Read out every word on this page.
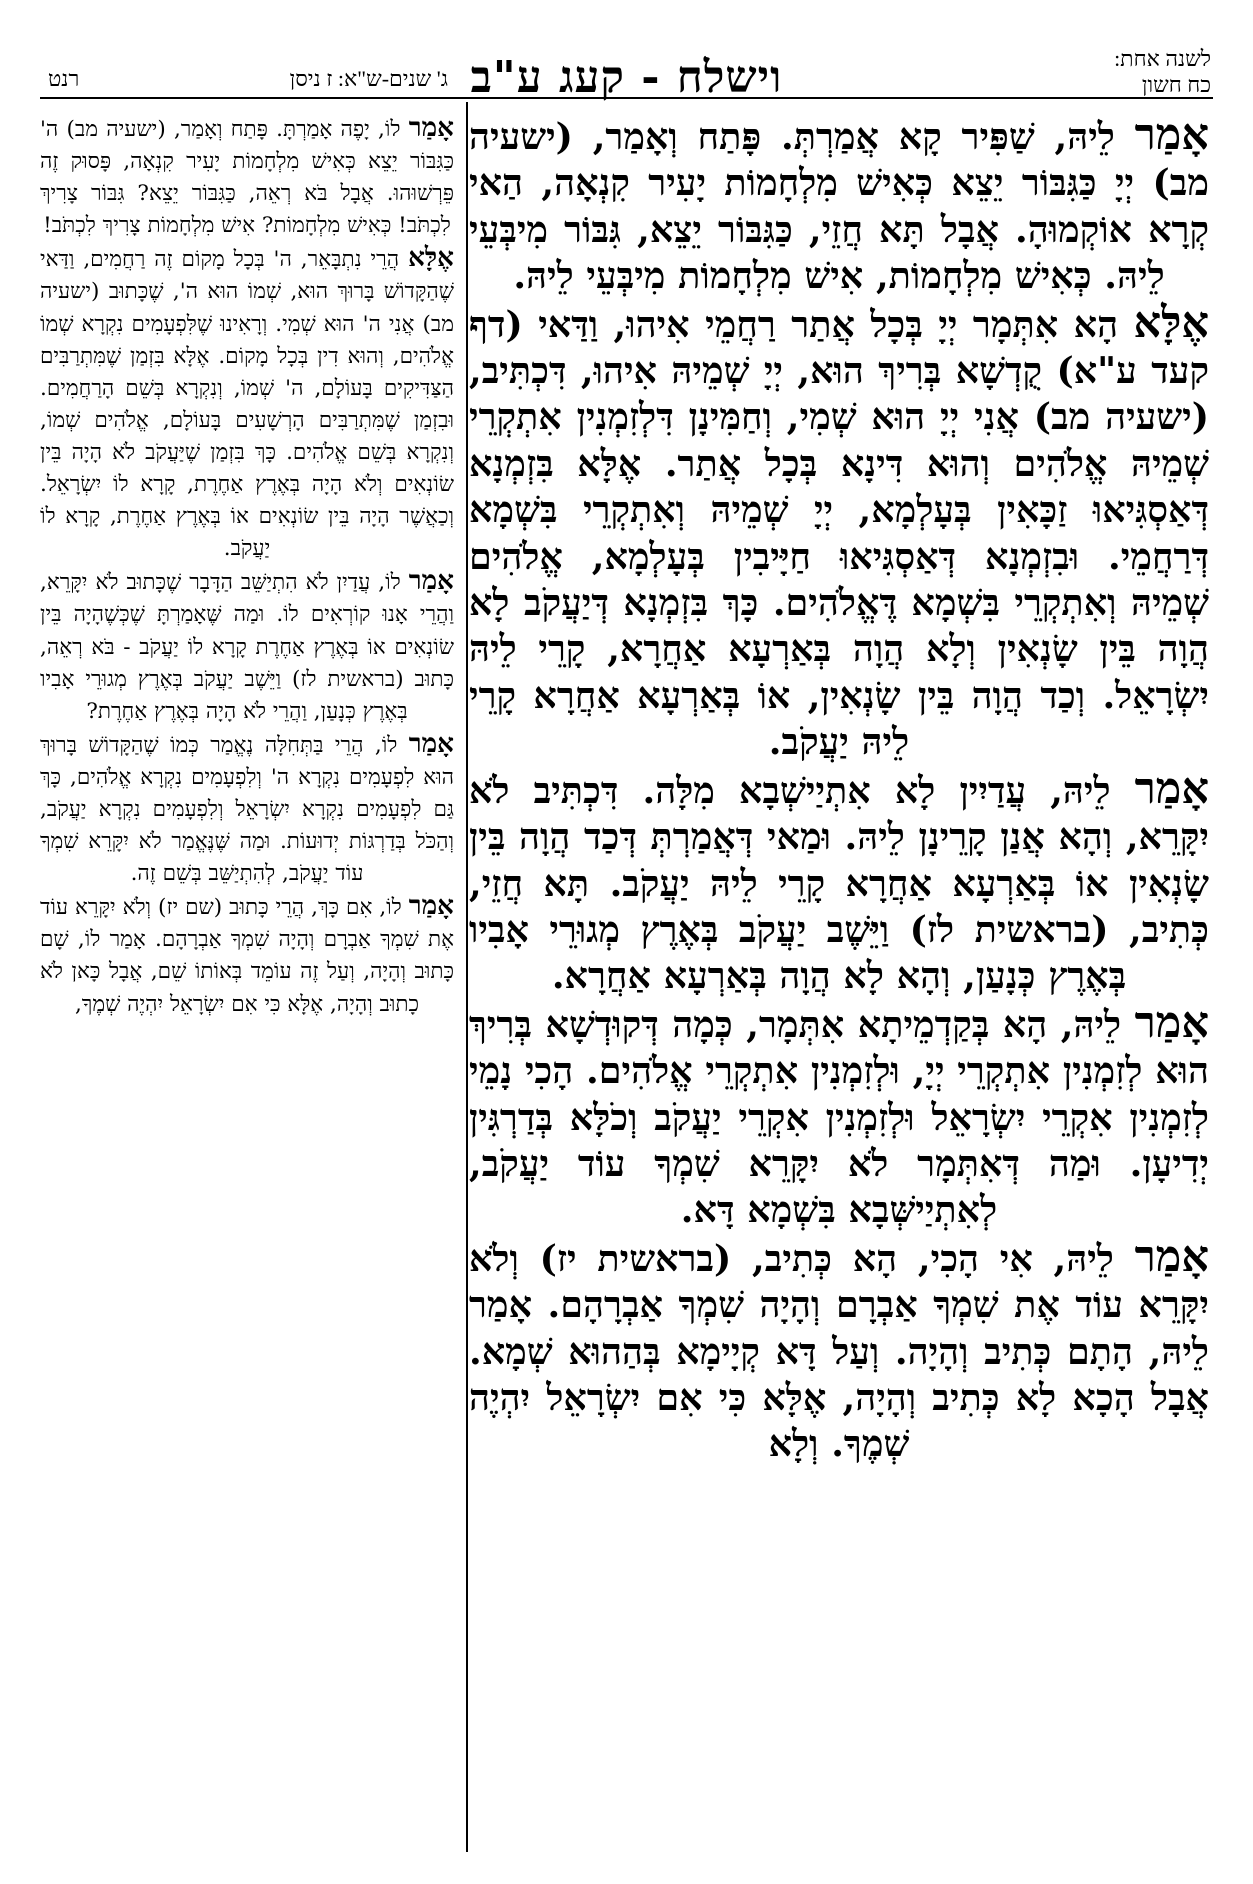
לשנה אחת:
כח חשון
וישלח - קעג ע"ב
ג' שנים-ש"א: ז ניסן
רנט

אָמַר לֵיהּ, שַׁפִּיר קָא אֲמַרְתְּ. פָּתַח וְאָמַר, (ישעיה מב) יְיָ כַּגִּבּוֹר יֵצֵא כְּאִישׁ מִלְחָמוֹת יָעִיר קִנְאָה, הַאי קְרָא אוֹקְמוּהָ. אֲבָל תָּא חֲזֵי, כַּגִּבּוֹר יֵצֵא, גִּבּוֹר מִיבְּעֵי לֵיהּ. כְּאִישׁ מִלְחָמוֹת, אִישׁ מִלְחָמוֹת מִיבְּעֵי לֵיהּ.

אֶלָּא הָא אִתְּמָר יְיָ בְּכָל אֲתַר רַחֲמֵי אִיהוּ, וַדַּאי (דף קעד ע"א) קֻדְשָׁא בְּרִיךְ הוּא, יְיָ שְׁמֵיהּ אִיהוּ, דִּכְתִּיב, (ישעיה מב) אֲנִי יְיָ הוּא שְׁמִי, וְחַמִּינָן דִּלְזִמְנִין אִתְקְרֵי שְׁמֵיהּ אֱלֹהִים וְהוּא דִּינָא בְּכָל אֲתַר. אֶלָּא בִּזְמְנָא דְּאַסְגִּיאוּ זַכָּאִין בְּעָלְמָא, יְיָ שְׁמֵיהּ וְאִתְקְרֵי בִּשְׁמָא דְּרַחֲמֵי. וּבִזְמְנָא דְּאַסְגִּיאוּ חַיָּיבִין בְּעָלְמָא, אֱלֹהִים שְׁמֵיהּ וְאִתְקְרֵי בִּשְׁמָא דֶּאֱלֹהִים. כָּךְ בִּזְמְנָא דְּיַעֲקֹב לָא הֲוָה בֵּין שָׂנְאִין וְלָא הֲוָה בְּאַרְעָא אַחֲרָא, קָרֵי לֵיהּ יִשְׂרָאֵל. וְכַד הֲוָה בֵּין שָׂנְאִין, אוֹ בְּאַרְעָא אַחֲרָא קָרֵי לֵיהּ יַעֲקֹב.

אָמַר לֵיהּ, עֲדַיִין לָא אִתְיַישְׁבָא מִלָּה. דִּכְתִּיב לֹא יִקָּרֵא, וְהָא אֲנַן קָרֵינָן לֵיהּ. וּמַאי דְּאֲמַרְתְּ דְּכַד הֲוָה בֵּין שָׂנְאִין אוֹ בְּאַרְעָא אַחֲרָא קָרֵי לֵיהּ יַעֲקֹב. תָּא חֲזֵי, כְּתִיב, (בראשית לז) וַיֵּשֶׁב יַעֲקֹב בְּאֶרֶץ מְגוּרֵי אָבִיו בְּאֶרֶץ כְּנָעַן, וְהָא לָא הֲוָה בְּאַרְעָא אַחֲרָא.

אָמַר לֵיהּ, הָא בְּקַדְמֵיתָא אִתְּמָר, כְּמָה דְּקוּדְשָׁא בְּרִיךְ הוּא לְזִמְנִין אִתְקְרֵי יְיָ, וּלְזִמְנִין אִתְקְרֵי אֱלֹהִים. הָכִי נָמֵי לְזִמְנִין אִקְרֵי יִשְׂרָאֵל וּלְזִמְנִין אִקְרֵי יַעֲקֹב וְכֹלָּא בְּדַרְגִּין יְדִיעָן. וּמַה דְּאִתְּמָר לֹא יִקָּרֵא שִׁמְךָ עוֹד יַעֲקֹב, לְאִתְיַישְּׁבָא בִּשְׁמָא דָּא.

אָמַר לֵיהּ, אִי הָכִי, הָא כְּתִיב, (בראשית יז) וְלֹא יִקָּרֵא עוֹד אֶת שִׁמְךָ אַבְרָם וְהָיָה שִׁמְךָ אַבְרָהָם. אָמַר לֵיהּ, הָתָם כְּתִיב וְהָיָה. וְעַל דָּא קְיָימָא בְּהַהוּא שְׁמָא. אֲבָל הָכָא לָא כְּתִיב וְהָיָה, אֶלָּא כִּי אִם יִשְׂרָאֵל יִהְיֶה שְׁמֶךָ. וְלָא

אָמַר לוֹ, יָפֶה אָמַרְתָּ. פָּתַח וְאָמַר, (ישעיה מב) ה' כַּגִּבּוֹר יֵצֵא כְּאִישׁ מִלְחָמוֹת יָעִיר קִנְאָה, פָּסוּק זֶה פֵּרְשׁוּהוּ. אֲבָל בֹּא רְאֵה, כַּגִּבּוֹר יֵצֵא? גִּבּוֹר צָרִיךְ לִכְתֹּב! כְּאִישׁ מִלְחָמוֹת? אִישׁ מִלְחָמוֹת צָרִיךְ לִכְתֹּב!

אֶלָּא הֲרֵי נִתְבָּאֵר, ה' בְּכָל מָקוֹם זֶה רַחֲמִים, וַדַּאי שֶׁהַקָּדוֹשׁ בָּרוּךְ הוּא, שְׁמוֹ הוּא ה', שֶׁכָּתוּב (ישעיה מב) אֲנִי ה' הוּא שְׁמִי. וְרָאִינוּ שֶׁלִּפְעָמִים נִקְרָא שְׁמוֹ אֱלֹהִים, וְהוּא דִין בְּכָל מָקוֹם. אֶלָּא בִּזְמַן שֶׁמִּתְרַבִּים הַצַּדִּיקִים בָּעוֹלָם, ה' שְׁמוֹ, וְנִקְרָא בְּשֵׁם הָרַחֲמִים. וּבִזְמַן שֶׁמִּתְרַבִּים הָרְשָׁעִים בָּעוֹלָם, אֱלֹהִים שְׁמוֹ, וְנִקְרָא בְּשֵׁם אֱלֹהִים. כָּךְ בִּזְמַן שֶׁיַּעֲקֹב לֹא הָיָה בֵּין שׂוֹנְאִים וְלֹא הָיָה בְּאֶרֶץ אַחֶרֶת, קָרָא לוֹ יִשְׂרָאֵל. וְכַאֲשֶׁר הָיָה בֵּין שׂוֹנְאִים אוֹ בְּאֶרֶץ אַחֶרֶת, קָרָא לוֹ יַעֲקֹב.

אָמַר לוֹ, עֲדַיִן לֹא הִתְיַשֵּׁב הַדָּבָר שֶׁכָּתוּב לֹא יִקָּרֵא, וַהֲרֵי אָנוּ קוֹרְאִים לוֹ. וּמַה שֶּׁאָמַרְתָּ שֶׁכְּשֶׁהָיָה בֵּין שׂוֹנְאִים אוֹ בְּאֶרֶץ אַחֶרֶת קָרָא לוֹ יַעֲקֹב - בֹּא רְאֵה, כָּתוּב (בראשית לז) וַיֵּשֶׁב יַעֲקֹב בְּאֶרֶץ מְגוּרֵי אָבִיו בְּאֶרֶץ כְּנָעַן, וַהֲרֵי לֹא הָיָה בְּאֶרֶץ אַחֶרֶת?

אָמַר לוֹ, הֲרֵי בַּתְּחִלָּה נֶאֱמַר כְּמוֹ שֶׁהַקָּדוֹשׁ בָּרוּךְ הוּא לִפְעָמִים נִקְרָא ה' וְלִפְעָמִים נִקְרָא אֱלֹהִים, כָּךְ גַּם לִפְעָמִים נִקְרָא יִשְׂרָאֵל וְלִפְעָמִים נִקְרָא יַעֲקֹב, וְהַכֹּל בְּדַרְגּוֹת יְדוּעוֹת. וּמַה שֶּׁנֶּאֱמַר לֹא יִקָּרֵא שִׁמְךָ עוֹד יַעֲקֹב, לְהִתְיַשֵּׁב בְּשֵׁם זֶה.

אָמַר לוֹ, אִם כָּךְ, הֲרֵי כָּתוּב (שם יז) וְלֹא יִקָּרֵא עוֹד אֶת שִׁמְךָ אַבְרָם וְהָיָה שִׁמְךָ אַבְרָהָם. אָמַר לוֹ, שָׁם כָּתוּב וְהָיָה, וְעַל זֶה עוֹמֵד בְּאוֹתוֹ שֵׁם, אֲבָל כָּאן לֹא כָתוּב וְהָיָה, אֶלָּא כִּי אִם יִשְׂרָאֵל יִהְיֶה שְׁמֶךָ,
